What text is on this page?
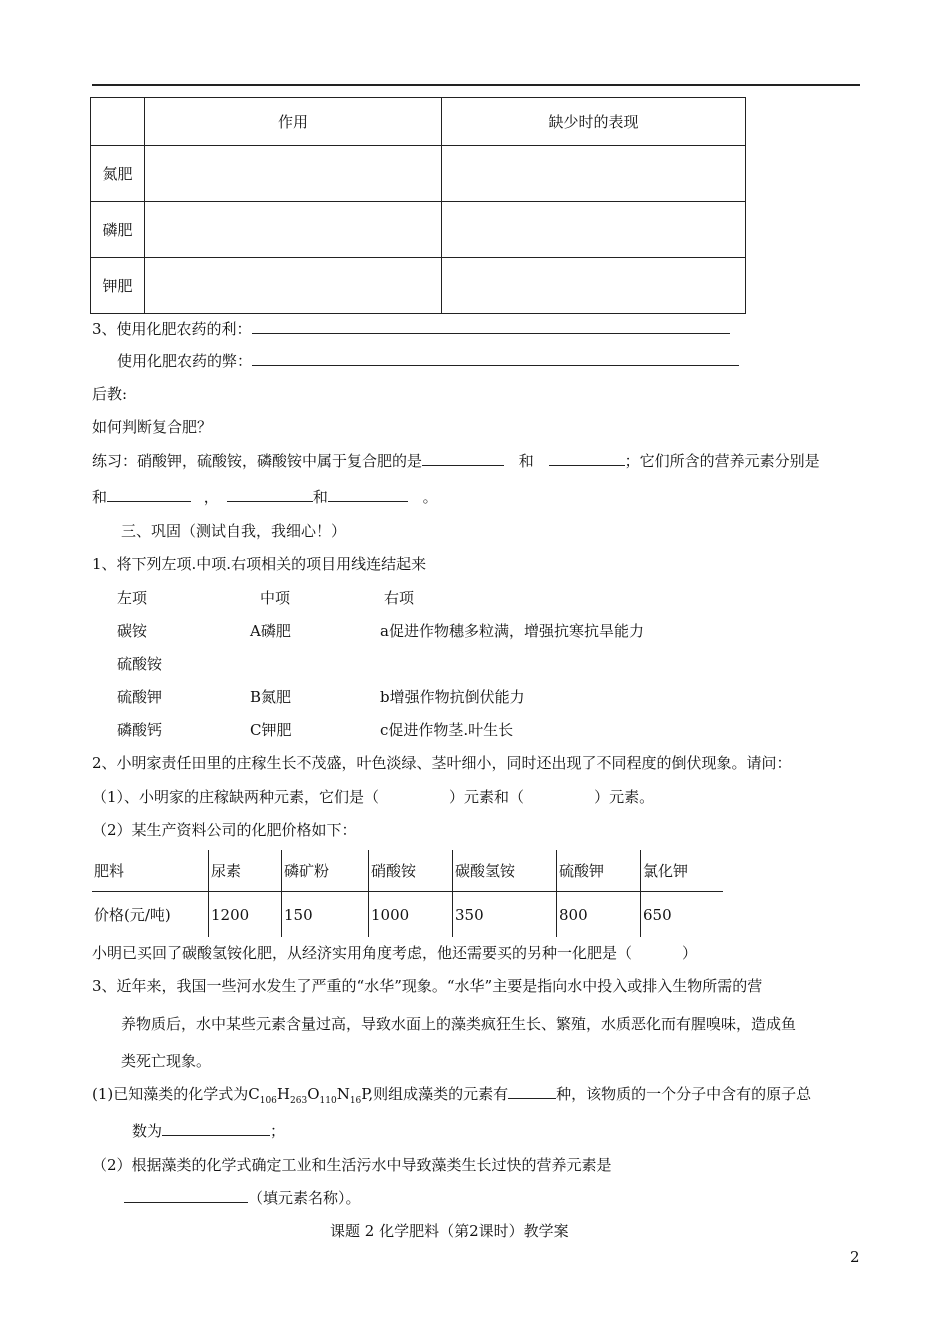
	作用	缺少时的表现
氮肥		
磷肥		
钾肥		
3、使用化肥农药的利：
使用化肥农药的弊：
后教:
如何判断复合肥？
练习：硝酸钾，硫酸铵，磷酸铵中属于复合肥的是	和	；它们所含的营养元素分别是
和	，	和	。
三、巩固（测试自我，我细心！）
1、将下列左项.中项.右项相关的项目用线连结起来
左项	中项	右项
碳铵	A磷肥	a促进作物穗多粒满，增强抗寒抗旱能力
硫酸铵
硫酸钾	B氮肥	b增强作物抗倒伏能力
磷酸钙	C钾肥	c促进作物茎.叶生长
2、小明家责任田里的庄稼生长不茂盛，叶色淡绿、茎叶细小，同时还出现了不同程度的倒伏现象。请问：
（1）、小明家的庄稼缺两种元素，它们是（	）元素和（	）元素。
（2）某生产资料公司的化肥价格如下：
肥料	尿素	磷矿粉	硝酸铵	碳酸氢铵	硫酸钾	氯化钾
价格(元/吨)	1200	150	1000	350	800	650
小明已买回了碳酸氢铵化肥，从经济实用角度考虑，他还需要买的另种一化肥是（	）
3、近年来，我国一些河水发生了严重的“水华”现象。“水华”主要是指向水中投入或排入生物所需的营
养物质后，水中某些元素含量过高，导致水面上的藻类疯狂生长、繁殖，水质恶化而有腥嗅味，造成鱼
类死亡现象。
(1)已知藻类的化学式为$C_{106}H_{263}O_{110}N_{16}P$,则组成藻类的元素有	种，该物质的一个分子中含有的原子总
数为	；
（2）根据藻类的化学式确定工业和生活污水中导致藻类生长过快的营养元素是
（填元素名称）。
课题 2 化学肥料（第2课时）教学案
2
